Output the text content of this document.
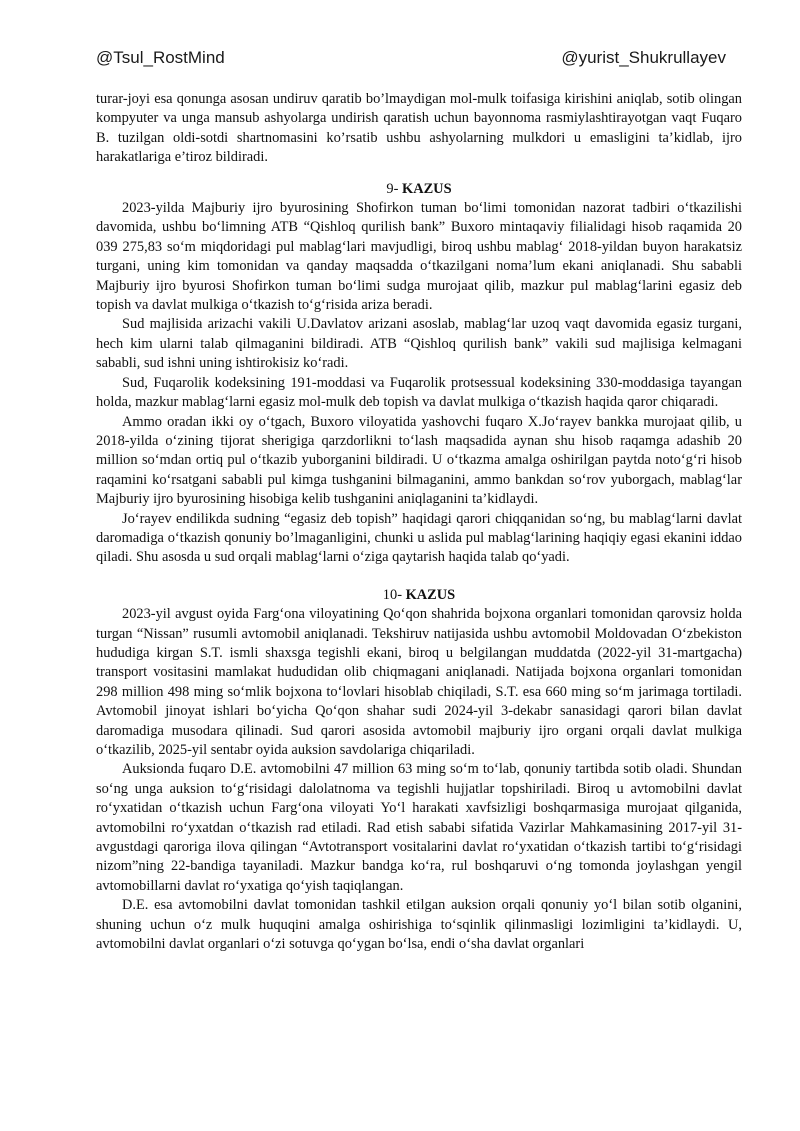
@Tsul_RostMind	@yurist_Shukrullayev

turar-joyi esa qonunga asosan undiruv qaratib bo’lmaydigan mol-mulk toifasiga kirishini aniqlab, sotib olingan kompyuter va unga mansub ashyolarga undirish qaratish uchun bayonnoma rasmiylashtirayotgan vaqt Fuqaro B. tuzilgan oldi-sotdi shartnomasini ko’rsatib ushbu ashyolarning mulkdori u emasligini ta’kidlab, ijro harakatlariga e’tiroz bildiradi.

9- KAZUS

2023-yilda Majburiy ijro byurosining Shofirkon tuman bo‘limi tomonidan nazorat tadbiri o‘tkazilishi davomida, ushbu bo‘limning ATB “Qishloq qurilish bank” Buxoro mintaqaviy filialidagi hisob raqamida 20 039 275,83 so‘m miqdoridagi pul mablag‘lari mavjudligi, biroq ushbu mablag‘ 2018-yildan buyon harakatsiz turgani, uning kim tomonidan va qanday maqsadda o‘tkazilgani noma’lum ekani aniqlanadi. Shu sababli Majburiy ijro byurosi Shofirkon tuman bo‘limi sudga murojaat qilib, mazkur pul mablag‘larini egasiz deb topish va davlat mulkiga o‘tkazish to‘g‘risida ariza beradi.

Sud majlisida arizachi vakili U.Davlatov arizani asoslab, mablag‘lar uzoq vaqt davomida egasiz turgani, hech kim ularni talab qilmaganini bildiradi. ATB “Qishloq qurilish bank” vakili sud majlisiga kelmagani sababli, sud ishni uning ishtirokisiz ko‘radi.

Sud, Fuqarolik kodeksining 191-moddasi va Fuqarolik protsessual kodeksining 330-moddasiga tayangan holda, mazkur mablag‘larni egasiz mol-mulk deb topish va davlat mulkiga o‘tkazish haqida qaror chiqaradi.

Ammo oradan ikki oy o‘tgach, Buxoro viloyatida yashovchi fuqaro X.Jo‘rayev bankka murojaat qilib, u 2018-yilda o‘zining tijorat sherigiga qarzdorlikni to‘lash maqsadida aynan shu hisob raqamga adashib 20 million so‘mdan ortiq pul o‘tkazib yuborganini bildiradi. U o‘tkazma amalga oshirilgan paytda noto‘g‘ri hisob raqamini ko‘rsatgani sababli pul kimga tushganini bilmaganini, ammo bankdan so‘rov yuborgach, mablag‘lar Majburiy ijro byurosining hisobiga kelib tushganini aniqlaganini ta’kidlaydi.

Jo‘rayev endilikda sudning “egasiz deb topish” haqidagi qarori chiqqanidan so‘ng, bu mablag‘larni davlat daromadiga o‘tkazish qonuniy bo’lmaganligini, chunki u aslida pul mablag‘larining haqiqiy egasi ekanini iddao qiladi. Shu asosda u sud orqali mablag‘larni o‘ziga qaytarish haqida talab qo‘yadi.

10- KAZUS

2023-yil avgust oyida Farg‘ona viloyatining Qo‘qon shahrida bojxona organlari tomonidan qarovsiz holda turgan “Nissan” rusumli avtomobil aniqlanadi. Tekshiruv natijasida ushbu avtomobil Moldovadan O‘zbekiston hududiga kirgan S.T. ismli shaxsga tegishli ekani, biroq u belgilangan muddatda (2022-yil 31-martgacha) transport vositasini mamlakat hududidan olib chiqmagani aniqlanadi. Natijada bojxona organlari tomonidan 298 million 498 ming so‘mlik bojxona to‘lovlari hisoblab chiqiladi, S.T. esa 660 ming so‘m jarimaga tortiladi. Avtomobil jinoyat ishlari bo‘yicha Qo‘qon shahar sudi 2024-yil 3-dekabr sanasidagi qarori bilan davlat daromadiga musodara qilinadi. Sud qarori asosida avtomobil majburiy ijro organi orqali davlat mulkiga o‘tkazilib, 2025-yil sentabr oyida auksion savdolariga chiqariladi.

Auksionda fuqaro D.E. avtomobilni 47 million 63 ming so‘m to‘lab, qonuniy tartibda sotib oladi. Shundan so‘ng unga auksion to‘g‘risidagi dalolatnoma va tegishli hujjatlar topshiriladi. Biroq u avtomobilni davlat ro‘yxatidan o‘tkazish uchun Farg‘ona viloyati Yo‘l harakati xavfsizligi boshqarmasiga murojaat qilganida, avtomobilni ro‘yxatdan o‘tkazish rad etiladi. Rad etish sababi sifatida Vazirlar Mahkamasining 2017-yil 31-avgustdagi qaroriga ilova qilingan “Avtotransport vositalarini davlat ro‘yxatidan o‘tkazish tartibi to‘g‘risidagi nizom”ning 22-bandiga tayaniladi. Mazkur bandga ko‘ra, rul boshqaruvi o‘ng tomonda joylashgan yengil avtomobillarni davlat ro‘yxatiga qo‘yish taqiqlangan.

D.E. esa avtomobilni davlat tomonidan tashkil etilgan auksion orqali qonuniy yo‘l bilan sotib olganini, shuning uchun o‘z mulk huquqini amalga oshirishiga to‘sqinlik qilinmasligi lozimligini ta’kidlaydi. U, avtomobilni davlat organlari o‘zi sotuvga qo‘ygan bo‘lsa, endi o‘sha davlat organlari
